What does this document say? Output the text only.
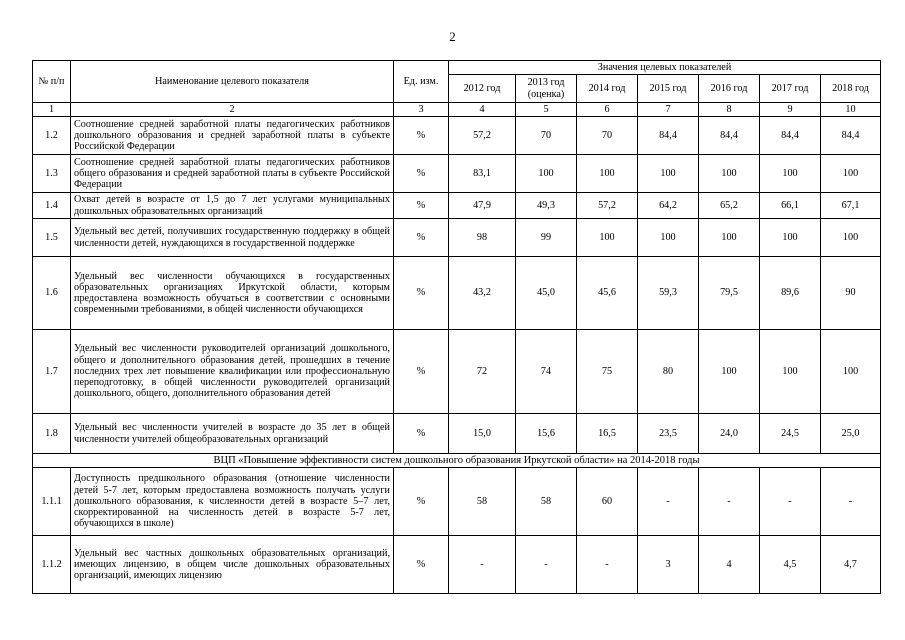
2
№ п/п	Наименование целевого показателя	Ед. изм.	Значения целевых показателей						
			2012 год	2013 год (оценка)	2014 год	2015 год	2016 год	2017 год	2018 год
1	2	3	4	5	6	7	8	9	10
1.2	Соотношение средней заработной платы педагогических работников дошкольного образования и средней заработной платы в субъекте Российской Федерации	%	57,2	70	70	84,4	84,4	84,4	84,4
1.3	Соотношение средней заработной платы педагогических работников общего образования и средней заработной платы в субъекте Российской Федерации	%	83,1	100	100	100	100	100	100
1.4	Охват детей в возрасте от 1,5 до 7 лет услугами муниципальных дошкольных образовательных организаций	%	47,9	49,3	57,2	64,2	65,2	66,1	67,1
1.5	Удельный вес детей, получивших государственную поддержку в общей численности детей, нуждающихся в государственной поддержке	%	98	99	100	100	100	100	100
1.6	Удельный вес численности обучающихся в государственных образовательных организациях Иркутской области, которым предоставлена возможность обучаться в соответствии с основными современными требованиями, в общей численности обучающихся	%	43,2	45,0	45,6	59,3	79,5	89,6	90
1.7	Удельный вес численности руководителей организаций дошкольного, общего и дополнительного образования детей, прошедших в течение последних трех лет повышение квалификации или профессиональную переподготовку, в общей численности руководителей организаций дошкольного, общего, дополнительного образования детей	%	72	74	75	80	100	100	100
1.8	Удельный вес численности учителей в возрасте до 35 лет в общей численности учителей общеобразовательных организаций	%	15,0	15,6	16,5	23,5	24,0	24,5	25,0
ВЦП «Повышение эффективности систем дошкольного образования Иркутской области» на 2014-2018 годы									
1.1.1	Доступность предшкольного образования (отношение численности детей 5-7 лет, которым предоставлена возможность получать услуги дошкольного образования, к численности детей в возрасте 5–7 лет, скорректированной на численность детей в возрасте 5-7 лет, обучающихся в школе)	%	58	58	60	-	-	-	-
1.1.2	Удельный вес частных дошкольных образовательных организаций, имеющих лицензию, в общем числе дошкольных образовательных организаций, имеющих лицензию	%	-	-	-	3	4	4,5	4,7
